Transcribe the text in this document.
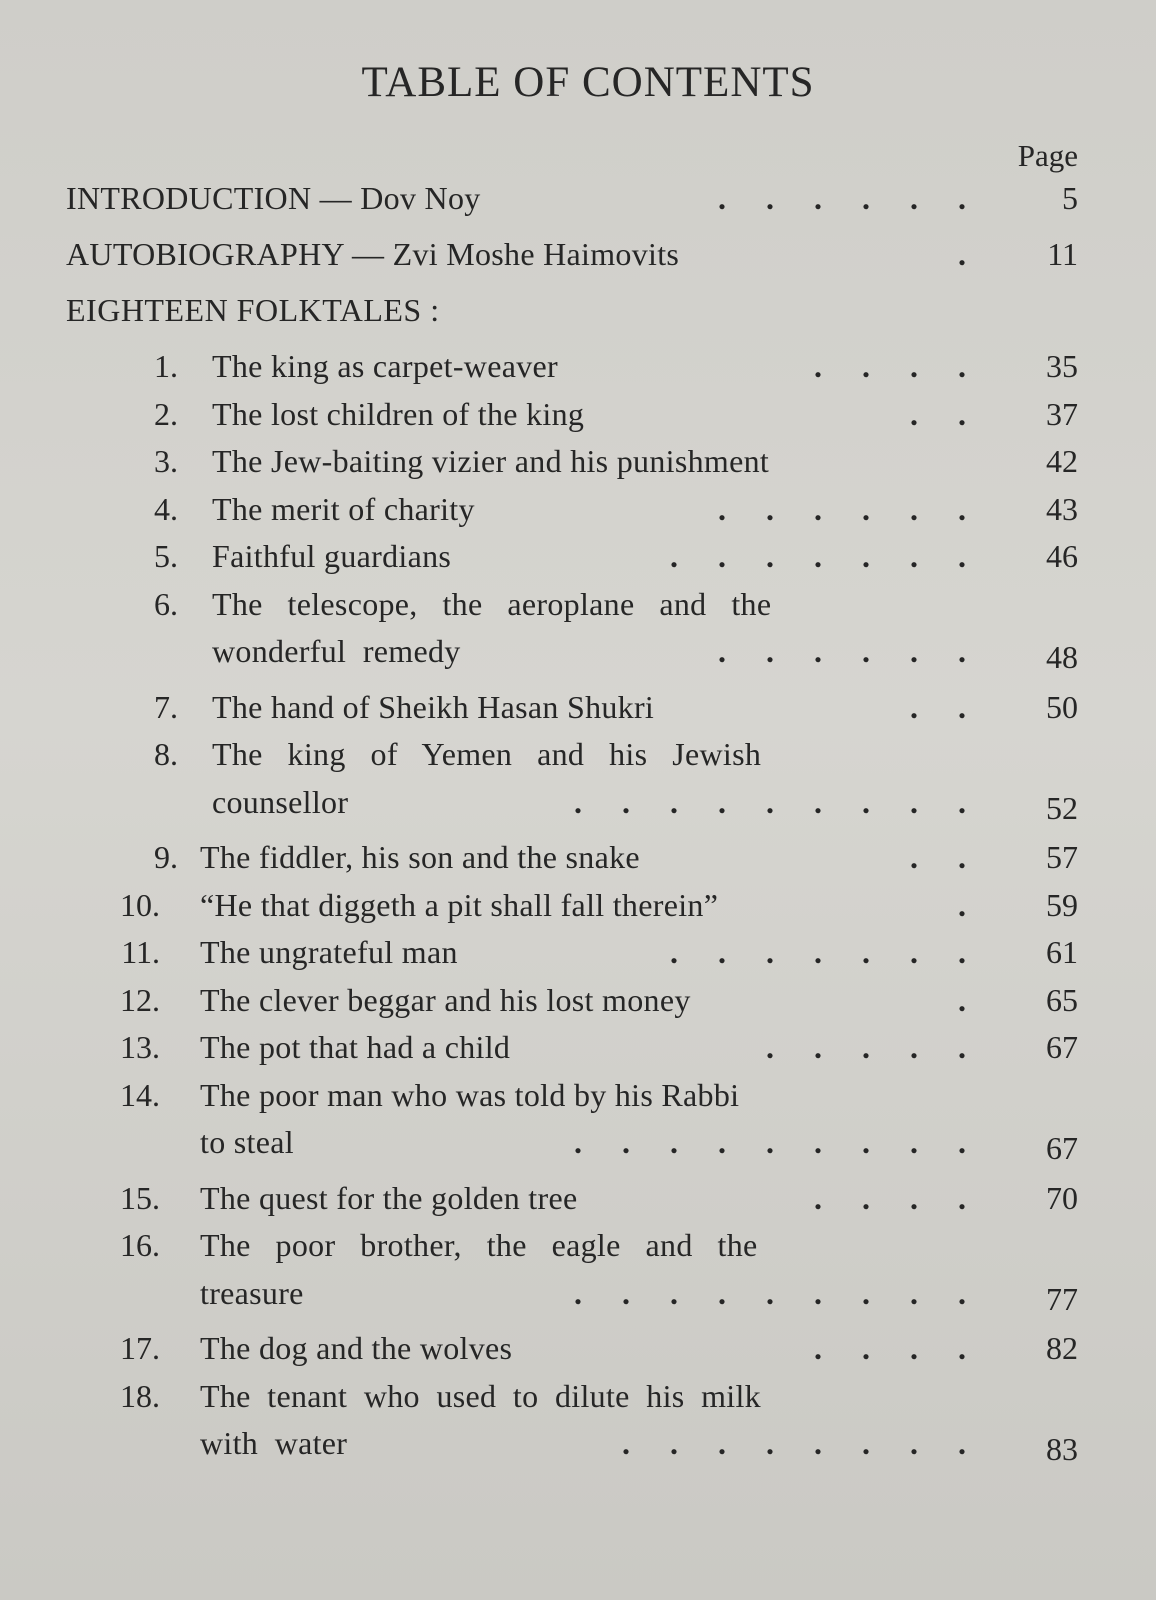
TABLE OF CONTENTS
Page
EIGHTEEN FOLKTALES :
INTRODUCTION — Dov Noy	.     .     .     .     .     .	5
AUTOBIOGRAPHY — Zvi Moshe Haimovits	.	11
1. The king as carpet-weaver	.     .     .     .	35
2. The lost children of the king	.     .	37
3. The Jew-baiting vizier and his punishment	42
4. The merit of charity	.     .     .     .     .     .	43
5. Faithful guardians	.     .     .     .     .     .     .	46
6. The   telescope,   the   aeroplane   and   the
wonderful  remedy	.     .     .     .     .     .	48
7. The hand of Sheikh Hasan Shukri	.     .	50
8. The   king   of   Yemen   and   his   Jewish
counsellor	.     .     .     .     .     .     .     .     .	52
9. The fiddler, his son and the snake	.     .	57
10. “He that diggeth a pit shall fall therein”	.	59
11. The ungrateful man	.     .     .     .     .     .     .	61
12. The clever beggar and his lost money	.	65
13. The pot that had a child	.     .     .     .     .	67
14. The poor man who was told by his Rabbi
to steal	.     .     .     .     .     .     .     .     .	67
15. The quest for the golden tree	.     .     .     .	70
16. The   poor   brother,   the   eagle   and   the
treasure	.     .     .     .     .     .     .     .     .	77
17. The dog and the wolves	.     .     .     .	82
18. The  tenant  who  used  to  dilute  his  milk
with  water	.     .     .     .     .     .     .     .	83
